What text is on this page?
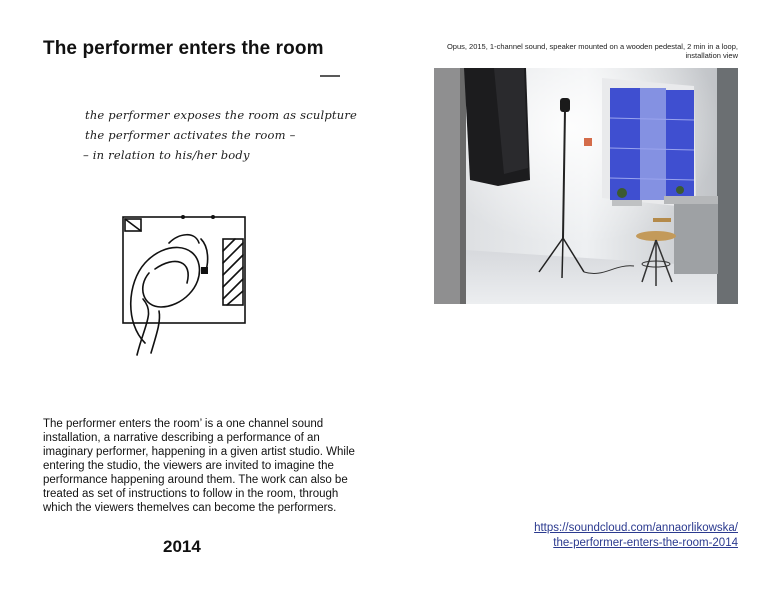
The performer enters the room	Opus, 2015, 1-channel sound, speaker mounted on a wooden pedestal, 2 min in a loop, installation view
the performer exposes the room as sculpture
the performer activates the room –
– in relation to his/her body
The performer enters the room’ is a one channel sound installation, a narrative describing a performance of an imaginary performer, happening in a given artist studio. While entering the studio, the viewers are invited to imagine the performance happening around them. The work can also be treated as set of instructions to follow in the room, through which the viewers themelves can become the performers.
2014
https://soundcloud.com/annaorlikowska/
the-performer-enters-the-room-2014
